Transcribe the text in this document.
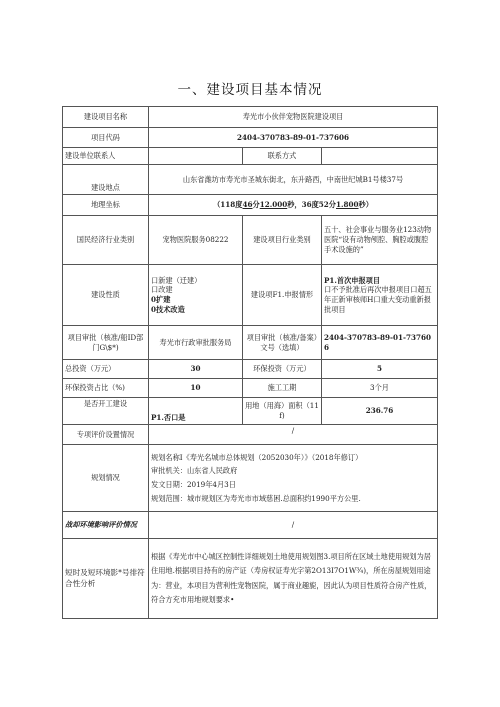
一、建设项目基本情况
建设项目名称	寿光市小伙伴宠物医院建设项目		
项目代码	2404-370783-89-01-737606		
建设单位联系人		联系方式	
建设地点	山东省潍坊市寿光市圣城东街北，东升路西，中南世纪城B1号楼37号		
地理坐标	（118度46分12.000秒，36度52分1.800秒）		
国民经济行业类别	宠物医院服务08222	建设项目行业类别	五十、社会事业与服务业123动物医院“设有动物颅腔、胸腔或腹腔手术设施的”
建设性质	口新建（迁建）
口改建
0扩建
0技术改造	建设项F1.申报情形	P1.首次申报项目
口不予批准后再次申报项目口超五年正新审核师H口重大变动重新报批项目

项目审批（核准/船ID部门G\$*)	寿光市行政审批服务局	项目审批（核准/备案）文号（选填）	2404-370783-89-01-737606
总投资（万元）	30	环保投资（万元）	5
环保投资占比（%)	10	施工工期	3个月
是否开工建设	P1.否口是	用地（用海）面积（11f)	236.76
专项评价设置情况	/		
规划情况	规划名称I《寿光名城市总体规划（2052030年）》（2018年修订）
审批机关：山东省人民政府
发文日期：2019年4月3日
规划范围：城市规划区为寿光市市域慈困.总面积约1990平方公里.		

战却环境影响评价情况	/		
短时及短环境影*号徘符合性分析	根据《寿光市中心城区控制性详细规划土地使用规划图3.项目所在区域土地使用规划为居住用地.根据项目持有的房产证（寿房权证寿光字第2O13I7O1W¾)，所在房屋规划用途为：营业，本项目为营利性宠物医院，属于商业趣旎，因此认为项目性质符合房产性质，符合方充市用地规划要求•		
